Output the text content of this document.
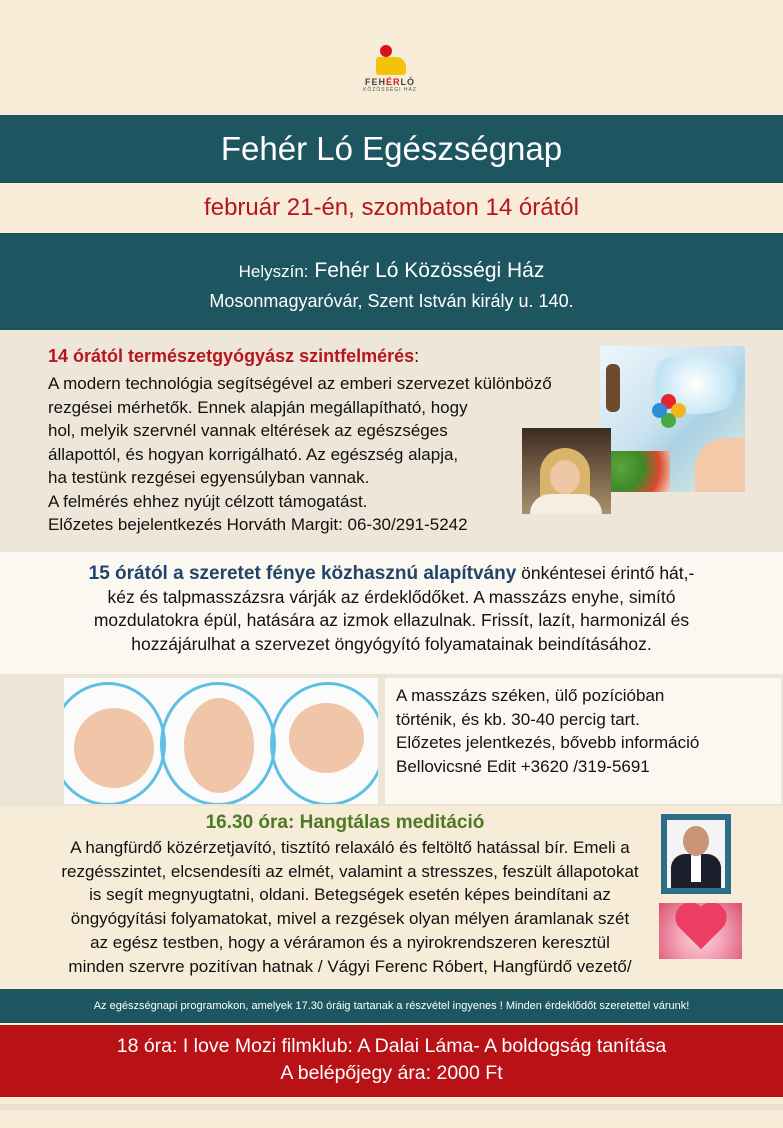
FEHÉRLÓ
KÖZÖSSÉGI HÁZ
Fehér Ló Egészségnap
február 21-én, szombaton 14 órától
Helyszín: Fehér Ló Közösségi Ház
Mosonmagyaróvár, Szent István király u. 140.
14 órától természetgyógyász szintfelmérés:
A modern technológia segítségével az emberi szervezet különböző
rezgései mérhetők. Ennek alapján megállapítható, hogy
hol, melyik szervnél vannak eltérések az egészséges
állapottól, és hogyan korrigálható. Az egészség alapja,
ha testünk rezgései egyensúlyban vannak.
A felmérés ehhez nyújt célzott támogatást.
Előzetes bejelentkezés Horváth Margit: 06-30/291-5242
15 órától a szeretet fénye közhasznú alapítvány önkéntesei érintő hát,-
kéz és talpmasszázsra várják az érdeklődőket. A masszázs enyhe, simító
mozdulatokra épül, hatására az izmok ellazulnak. Frissít, lazít, harmonizál és
hozzájárulhat a szervezet öngyógyító folyamatainak beindításához.
A masszázs széken, ülő pozícióban
történik, és kb. 30-40 percig tart.
Előzetes jelentkezés, bővebb információ
Bellovicsné Edit +3620 /319-5691
16.30 óra: Hangtálas meditáció
A hangfürdő közérzetjavító, tisztító relaxáló és feltöltő hatással bír. Emeli a
rezgésszintet, elcsendesíti az elmét, valamint a stresszes, feszült állapotokat
is segít megnyugtatni, oldani. Betegségek esetén képes beindítani az
öngyógyítási folyamatokat, mivel a rezgések olyan mélyen áramlanak szét
az egész testben, hogy a véráramon és a nyirokrendszeren keresztül
minden szervre pozitívan hatnak / Vágyi Ferenc Róbert, Hangfürdő vezető/
Az egészségnapi programokon, amelyek 17.30 óráig tartanak a részvétel ingyenes ! Minden érdeklődőt szeretettel várunk!
18 óra: I love Mozi filmklub: A Dalai Láma- A boldogság tanítása
A belépőjegy ára: 2000 Ft
